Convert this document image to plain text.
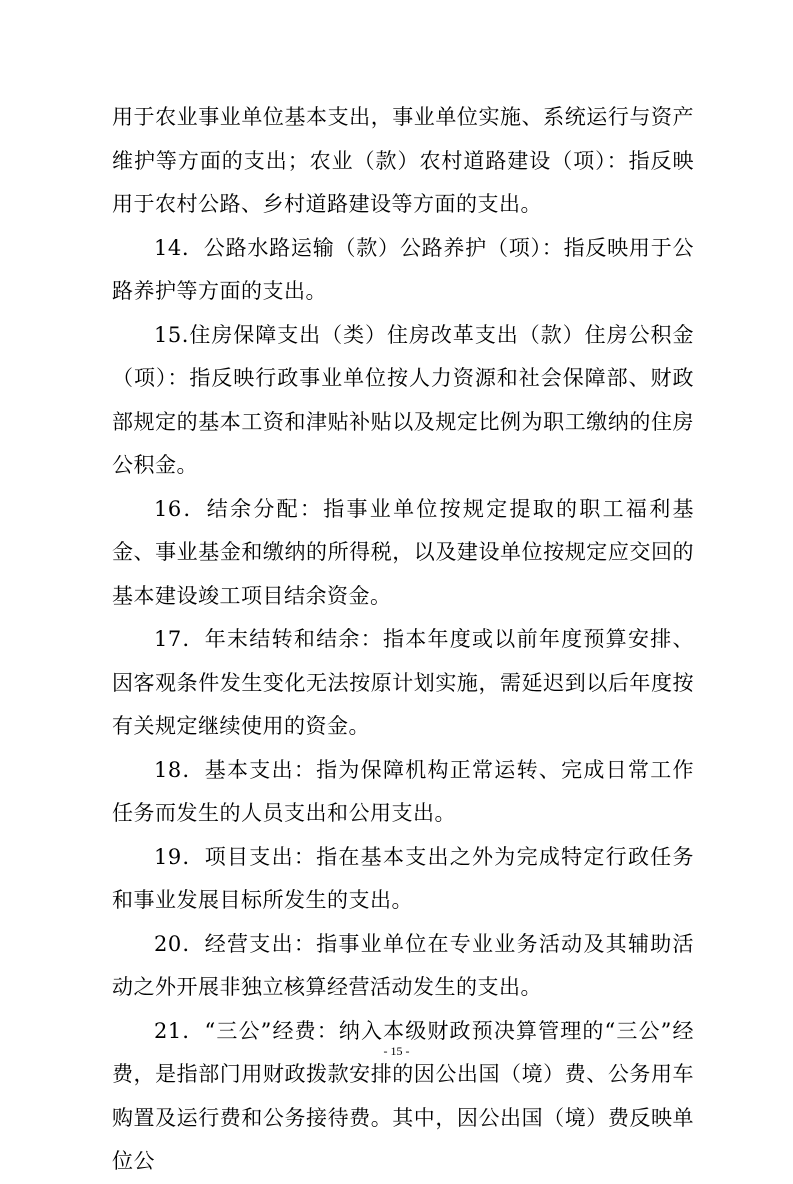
用于农业事业单位基本支出，事业单位实施、系统运行与资产维护等方面的支出；农业（款）农村道路建设（项）：指反映用于农村公路、乡村道路建设等方面的支出。

14．公路水路运输（款）公路养护（项）：指反映用于公路养护等方面的支出。

15.住房保障支出（类）住房改革支出（款）住房公积金（项）：指反映行政事业单位按人力资源和社会保障部、财政部规定的基本工资和津贴补贴以及规定比例为职工缴纳的住房公积金。

16．结余分配：指事业单位按规定提取的职工福利基金、事业基金和缴纳的所得税，以及建设单位按规定应交回的基本建设竣工项目结余资金。

17．年末结转和结余：指本年度或以前年度预算安排、因客观条件发生变化无法按原计划实施，需延迟到以后年度按有关规定继续使用的资金。

18．基本支出：指为保障机构正常运转、完成日常工作任务而发生的人员支出和公用支出。

19．项目支出：指在基本支出之外为完成特定行政任务和事业发展目标所发生的支出。

20．经营支出：指事业单位在专业业务活动及其辅助活动之外开展非独立核算经营活动发生的支出。

21．“三公”经费：纳入本级财政预决算管理的“三公”经费，是指部门用财政拨款安排的因公出国（境）费、公务用车购置及运行费和公务接待费。其中，因公出国（境）费反映单位公

- 15 -
